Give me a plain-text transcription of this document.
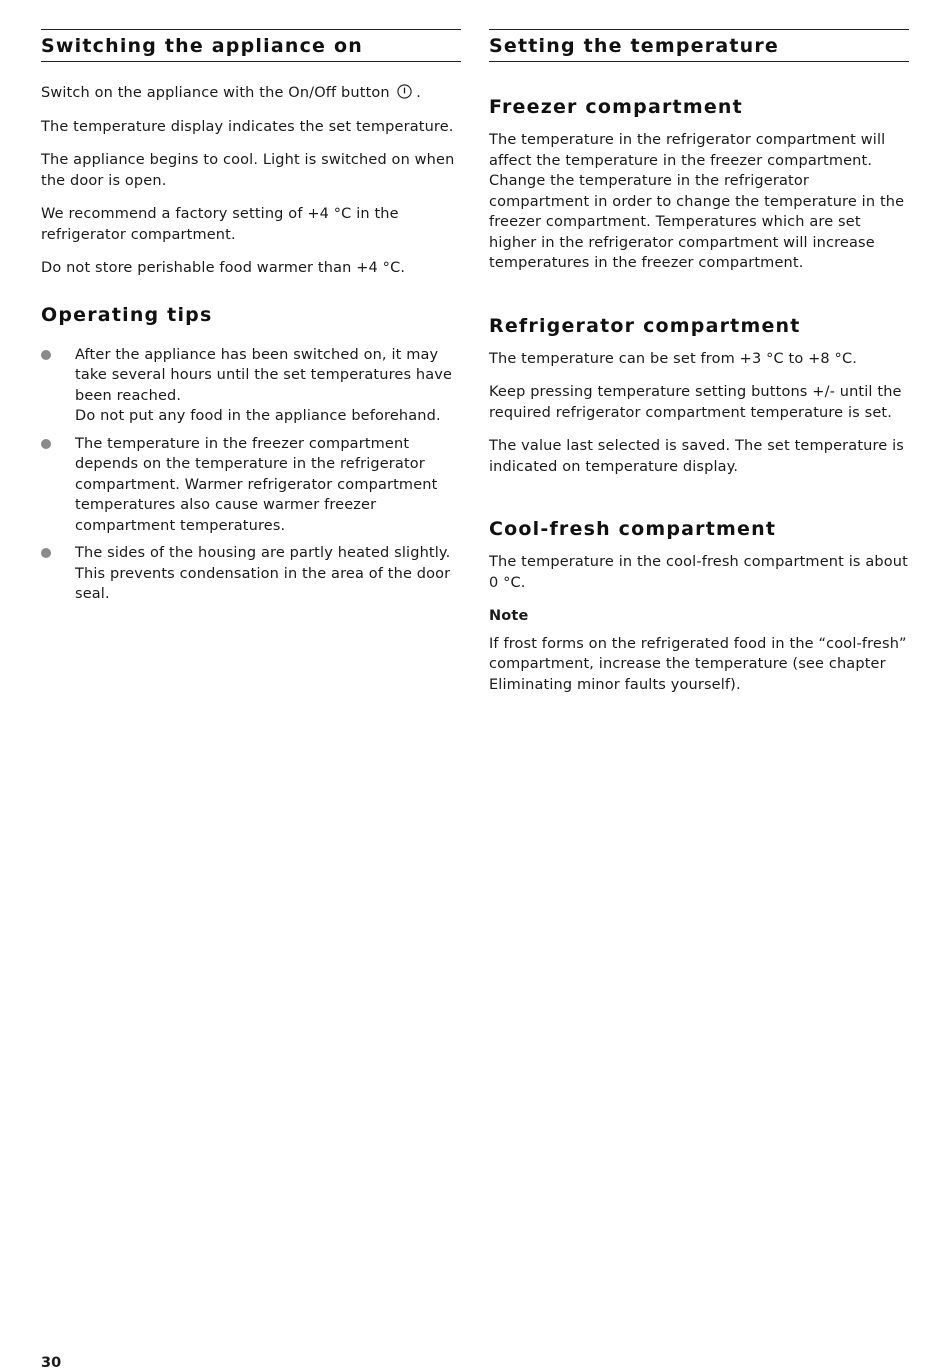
Switching the appliance on

Switch on the appliance with the On/Off button  .

The temperature display indicates the set temperature.

The appliance begins to cool. Light is switched on when the door is open.

We recommend a factory setting of +4 °C in the refrigerator compartment.

Do not store perishable food warmer than +4 °C.

Operating tips

After the appliance has been switched on, it may take several hours until the set temperatures have been reached.

Do not put any food in the appliance beforehand.

The temperature in the freezer compartment depends on the temperature in the refrigerator compartment. Warmer refrigerator compartment temperatures also cause warmer freezer compartment temperatures.

The sides of the housing are partly heated slightly. This prevents condensation in the area of the door seal.

Setting the temperature
Freezer compartment

The temperature in the refrigerator compartment will affect the temperature in the freezer compartment. Change the temperature in the refrigerator compartment in order to change the temperature in the freezer compartment. Temperatures which are set higher in the refrigerator compartment will increase temperatures in the freezer compartment.

Refrigerator compartment

The temperature can be set from +3 °C to +8 °C.

Keep pressing temperature setting buttons +/- until the required refrigerator compartment temperature is set.

The value last selected is saved. The set temperature is indicated on temperature display.

Cool-fresh compartment

The temperature in the cool-fresh compartment is about 0 °C.

Note

If frost forms on the refrigerated food in the “cool-fresh” compartment, increase the temperature (see chapter Eliminating minor faults yourself).

30
